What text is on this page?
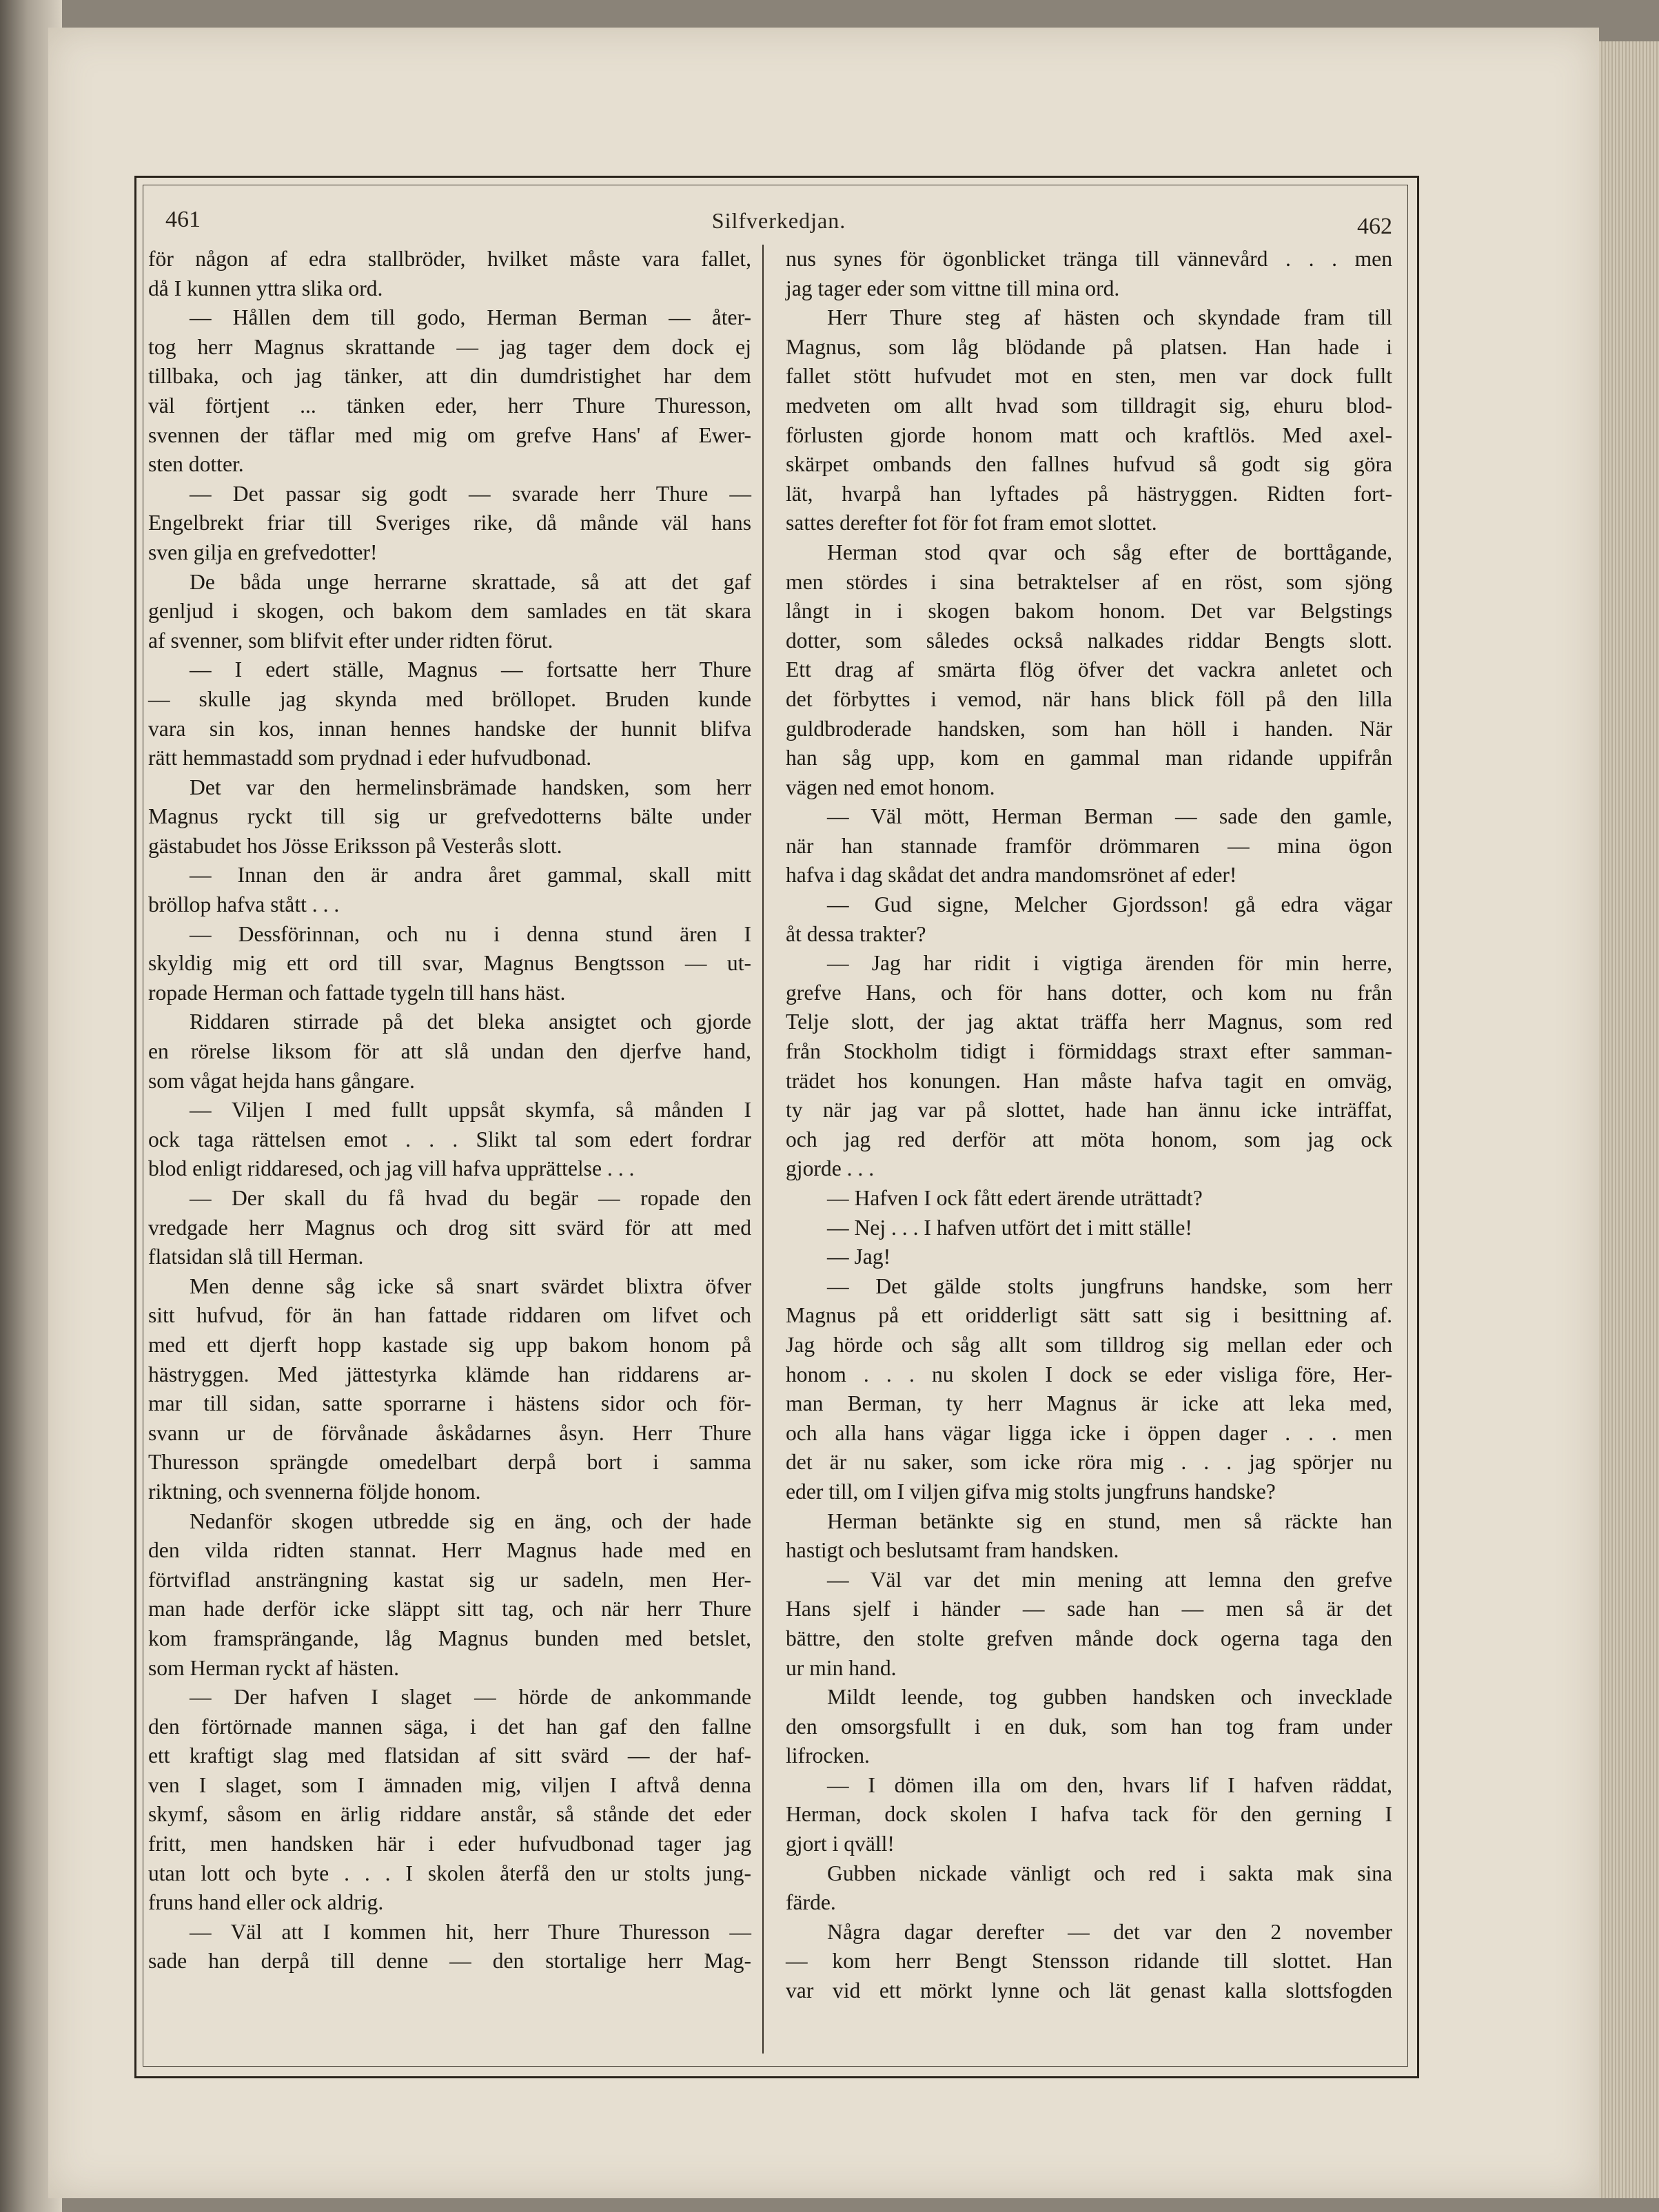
461	Silfverkedjan.	462
för någon af edra stallbröder, hvilket måste vara fallet,
då I kunnen yttra slika ord.
— Hållen dem till godo, Herman Berman — åter-
tog herr Magnus skrattande — jag tager dem dock ej
tillbaka, och jag tänker, att din dumdristighet har dem
väl förtjent ... tänken eder, herr Thure Thuresson,
svennen der täflar med mig om grefve Hans' af Ewer-
sten dotter.
— Det passar sig godt — svarade herr Thure —
Engelbrekt friar till Sveriges rike, då månde väl hans
sven gilja en grefvedotter!
De båda unge herrarne skrattade, så att det gaf
genljud i skogen, och bakom dem samlades en tät skara
af svenner, som blifvit efter under ridten förut.
— I edert ställe, Magnus — fortsatte herr Thure
— skulle jag skynda med bröllopet. Bruden kunde
vara sin kos, innan hennes handske der hunnit blifva
rätt hemmastadd som prydnad i eder hufvudbonad.
Det var den hermelinsbrämade handsken, som herr
Magnus ryckt till sig ur grefvedotterns bälte under
gästabudet hos Jösse Eriksson på Vesterås slott.
— Innan den är andra året gammal, skall mitt
bröllop hafva stått . . .
— Dessförinnan, och nu i denna stund ären I
skyldig mig ett ord till svar, Magnus Bengtsson — ut-
ropade Herman och fattade tygeln till hans häst.
Riddaren stirrade på det bleka ansigtet och gjorde
en rörelse liksom för att slå undan den djerfve hand,
som vågat hejda hans gångare.
— Viljen I med fullt uppsåt skymfa, så månden I
ock taga rättelsen emot . . . Slikt tal som edert fordrar
blod enligt riddaresed, och jag vill hafva upprättelse . . .
— Der skall du få hvad du begär — ropade den
vredgade herr Magnus och drog sitt svärd för att med
flatsidan slå till Herman.
Men denne såg icke så snart svärdet blixtra öfver
sitt hufvud, för än han fattade riddaren om lifvet och
med ett djerft hopp kastade sig upp bakom honom på
hästryggen. Med jättestyrka klämde han riddarens ar-
mar till sidan, satte sporrarne i hästens sidor och för-
svann ur de förvånade åskådarnes åsyn. Herr Thure
Thuresson sprängde omedelbart derpå bort i samma
riktning, och svennerna följde honom.
Nedanför skogen utbredde sig en äng, och der hade
den vilda ridten stannat. Herr Magnus hade med en
förtviflad ansträngning kastat sig ur sadeln, men Her-
man hade derför icke släppt sitt tag, och när herr Thure
kom framsprängande, låg Magnus bunden med betslet,
som Herman ryckt af hästen.
— Der hafven I slaget — hörde de ankommande
den förtörnade mannen säga, i det han gaf den fallne
ett kraftigt slag med flatsidan af sitt svärd — der haf-
ven I slaget, som I ämnaden mig, viljen I aftvå denna
skymf, såsom en ärlig riddare anstår, så stånde det eder
fritt, men handsken här i eder hufvudbonad tager jag
utan lott och byte . . . I skolen återfå den ur stolts jung-
fruns hand eller ock aldrig.
— Väl att I kommen hit, herr Thure Thuresson —
sade han derpå till denne — den stortalige herr Mag-
nus synes för ögonblicket tränga till vännevård . . . men
jag tager eder som vittne till mina ord.
Herr Thure steg af hästen och skyndade fram till
Magnus, som låg blödande på platsen. Han hade i
fallet stött hufvudet mot en sten, men var dock fullt
medveten om allt hvad som tilldragit sig, ehuru blod-
förlusten gjorde honom matt och kraftlös. Med axel-
skärpet ombands den fallnes hufvud så godt sig göra
lät, hvarpå han lyftades på hästryggen. Ridten fort-
sattes derefter fot för fot fram emot slottet.
Herman stod qvar och såg efter de borttågande,
men stördes i sina betraktelser af en röst, som sjöng
långt in i skogen bakom honom. Det var Belgstings
dotter, som således också nalkades riddar Bengts slott.
Ett drag af smärta flög öfver det vackra anletet och
det förbyttes i vemod, när hans blick föll på den lilla
guldbroderade handsken, som han höll i handen. När
han såg upp, kom en gammal man ridande uppifrån
vägen ned emot honom.
— Väl mött, Herman Berman — sade den gamle,
när han stannade framför drömmaren — mina ögon
hafva i dag skådat det andra mandomsrönet af eder!
— Gud signe, Melcher Gjordsson! gå edra vägar
åt dessa trakter?
— Jag har ridit i vigtiga ärenden för min herre,
grefve Hans, och för hans dotter, och kom nu från
Telje slott, der jag aktat träffa herr Magnus, som red
från Stockholm tidigt i förmiddags straxt efter samman-
trädet hos konungen. Han måste hafva tagit en omväg,
ty när jag var på slottet, hade han ännu icke inträffat,
och jag red derför att möta honom, som jag ock
gjorde . . .
— Hafven I ock fått edert ärende uträttadt?
— Nej . . . I hafven utfört det i mitt ställe!
— Jag!
— Det gälde stolts jungfruns handske, som herr
Magnus på ett oridderligt sätt satt sig i besittning af.
Jag hörde och såg allt som tilldrog sig mellan eder och
honom . . . nu skolen I dock se eder visliga före, Her-
man Berman, ty herr Magnus är icke att leka med,
och alla hans vägar ligga icke i öppen dager . . . men
det är nu saker, som icke röra mig . . . jag spörjer nu
eder till, om I viljen gifva mig stolts jungfruns handske?
Herman betänkte sig en stund, men så räckte han
hastigt och beslutsamt fram handsken.
— Väl var det min mening att lemna den grefve
Hans sjelf i händer — sade han — men så är det
bättre, den stolte grefven månde dock ogerna taga den
ur min hand.
Mildt leende, tog gubben handsken och invecklade
den omsorgsfullt i en duk, som han tog fram under
lifrocken.
— I dömen illa om den, hvars lif I hafven räddat,
Herman, dock skolen I hafva tack för den gerning I
gjort i qväll!
Gubben nickade vänligt och red i sakta mak sina
färde.
Några dagar derefter — det var den 2 november
— kom herr Bengt Stensson ridande till slottet. Han
var vid ett mörkt lynne och lät genast kalla slottsfogden
